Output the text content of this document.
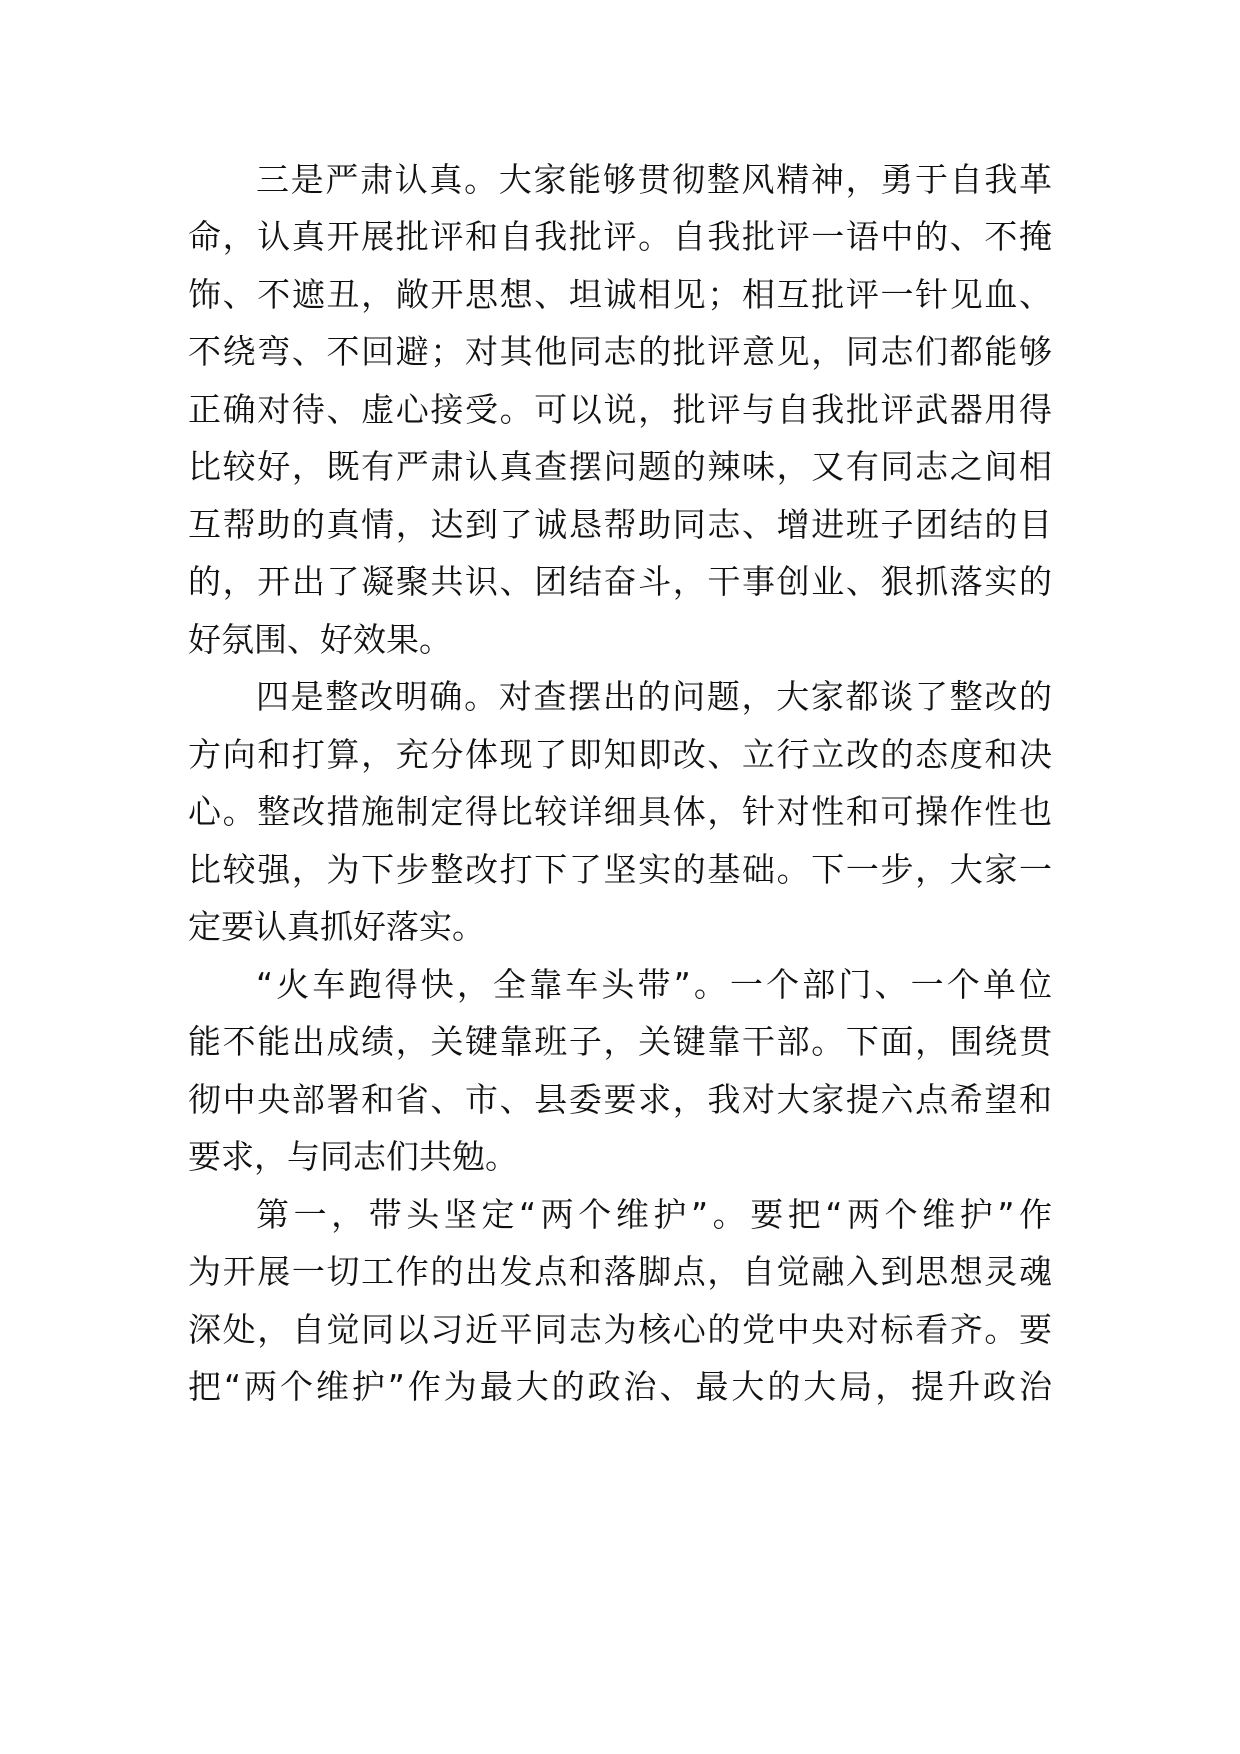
三是严肃认真。大家能够贯彻整风精神，勇于自我革
命，认真开展批评和自我批评。自我批评一语中的、不掩
饰、不遮丑，敞开思想、坦诚相见；相互批评一针见血、
不绕弯、不回避；对其他同志的批评意见，同志们都能够
正确对待、虚心接受。可以说，批评与自我批评武器用得
比较好，既有严肃认真查摆问题的辣味，又有同志之间相
互帮助的真情，达到了诚恳帮助同志、增进班子团结的目
的，开出了凝聚共识、团结奋斗，干事创业、狠抓落实的
好氛围、好效果。
四是整改明确。对查摆出的问题，大家都谈了整改的
方向和打算，充分体现了即知即改、立行立改的态度和决
心。整改措施制定得比较详细具体，针对性和可操作性也
比较强，为下步整改打下了坚实的基础。下一步，大家一
定要认真抓好落实。
“火车跑得快，全靠车头带”。一个部门、一个单位
能不能出成绩，关键靠班子，关键靠干部。下面，围绕贯
彻中央部署和省、市、县委要求，我对大家提六点希望和
要求，与同志们共勉。
第一，带头坚定“两个维护”。要把“两个维护”作
为开展一切工作的出发点和落脚点，自觉融入到思想灵魂
深处，自觉同以习近平同志为核心的党中央对标看齐。要
把“两个维护”作为最大的政治、最大的大局，提升政治
